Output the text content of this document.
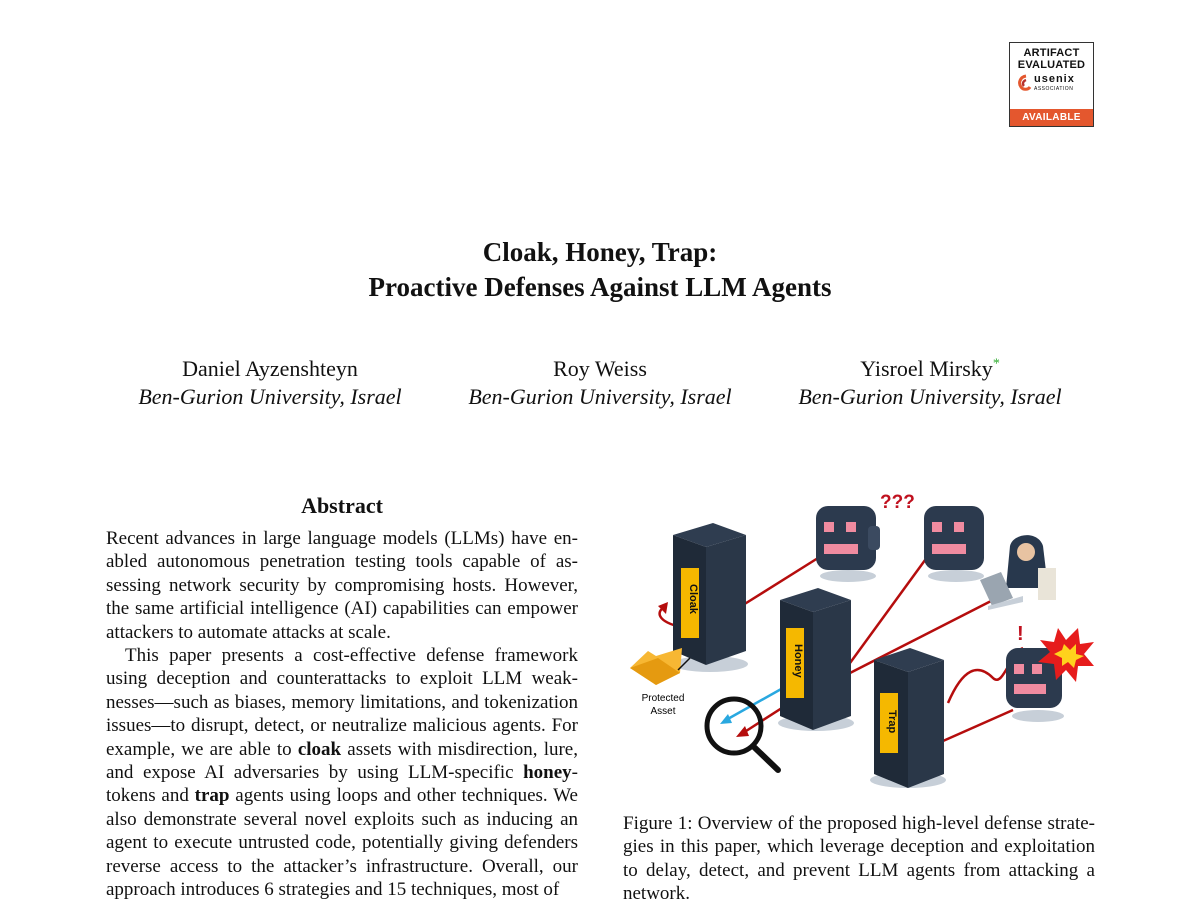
ARTIFACT
EVALUATED
usenix
ASSOCIATION
AVAILABLE
Cloak, Honey, Trap:
Proactive Defenses Against LLM Agents
Daniel Ayzenshteyn
Ben-Gurion University, Israel
Roy Weiss
Ben-Gurion University, Israel
Yisroel Mirsky*
Ben-Gurion University, Israel
Abstract

Recent advances in large language models (LLMs) have enabled autonomous penetration testing tools capable of assessing network security by compromising hosts. However, the same artificial intelligence (AI) capabilities can empower attackers to automate attacks at scale.

This paper presents a cost-effective defense framework using deception and counterattacks to exploit LLM weaknesses—such as biases, memory limitations, and tokenization issues—to disrupt, detect, or neutralize malicious agents. For example, we are able to cloak assets with misdirection, lure, and expose AI adversaries by using LLM-specific honey-tokens and trap agents using loops and other techniques. We also demonstrate several novel exploits such as inducing an agent to execute untrusted code, potentially giving defenders reverse access to the attacker’s infrastructure. Overall, our approach introduces 6 strategies and 15 techniques, most of

Cloak
Protected
Asset
Honey
Trap
???
!

Figure 1: Overview of the proposed high-level defense strategies in this paper, which leverage deception and exploitation to delay, detect, and prevent LLM agents from attacking a network.
